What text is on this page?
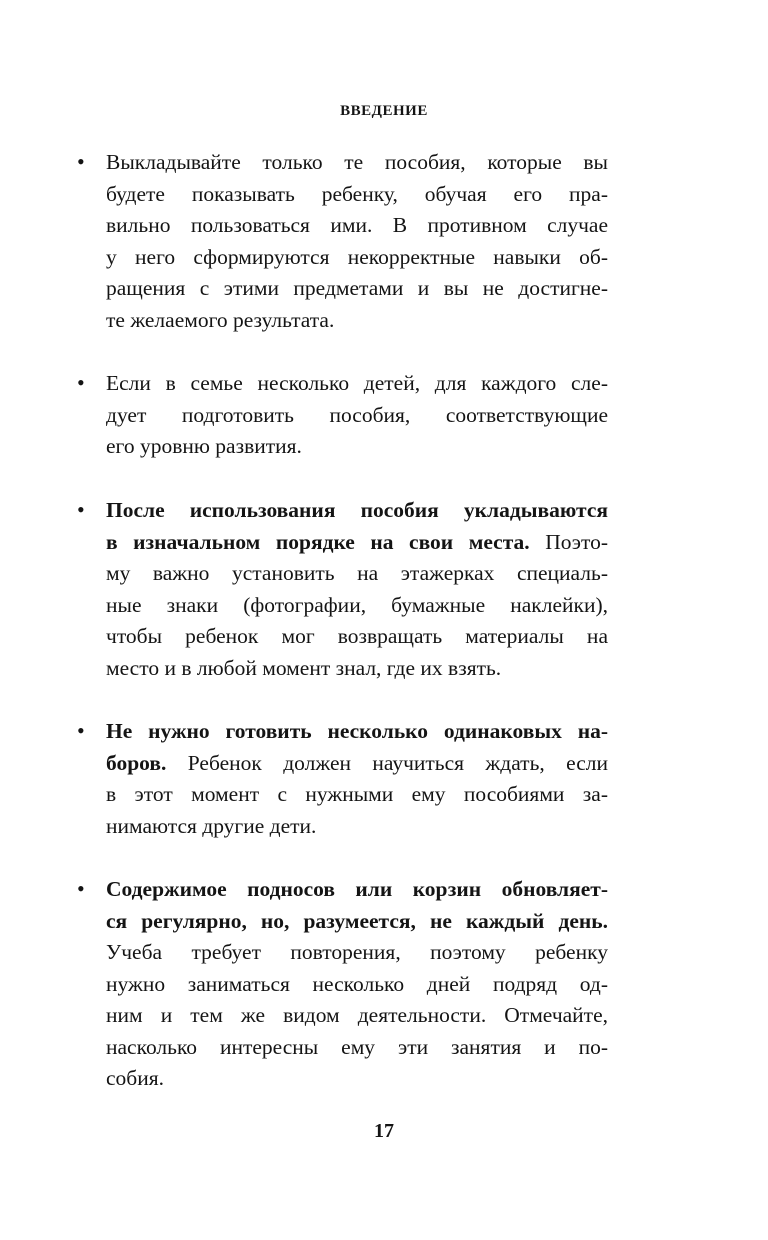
ВВЕДЕНИЕ
• Выкладывайте только те пособия, которые вы
будете показывать ребенку, обучая его пра-
вильно пользоваться ими. В противном случае
у него сформируются некорректные навыки об-
ращения с этими предметами и вы не достигне-
те желаемого результата.
• Если в семье несколько детей, для каждого сле-
дует подготовить пособия, соответствующие
его уровню развития.
• После использования пособия укладываются
в изначальном порядке на свои места. Поэто-
му важно установить на этажерках специаль-
ные знаки (фотографии, бумажные наклейки),
чтобы ребенок мог возвращать материалы на
место и в любой момент знал, где их взять.
• Не нужно готовить несколько одинаковых на-
боров. Ребенок должен научиться ждать, если
в этот момент с нужными ему пособиями за-
нимаются другие дети.
• Содержимое подносов или корзин обновляет-
ся регулярно, но, разумеется, не каждый день.
Учеба требует повторения, поэтому ребенку
нужно заниматься несколько дней подряд од-
ним и тем же видом деятельности. Отмечайте,
насколько интересны ему эти занятия и по-
собия.
17
